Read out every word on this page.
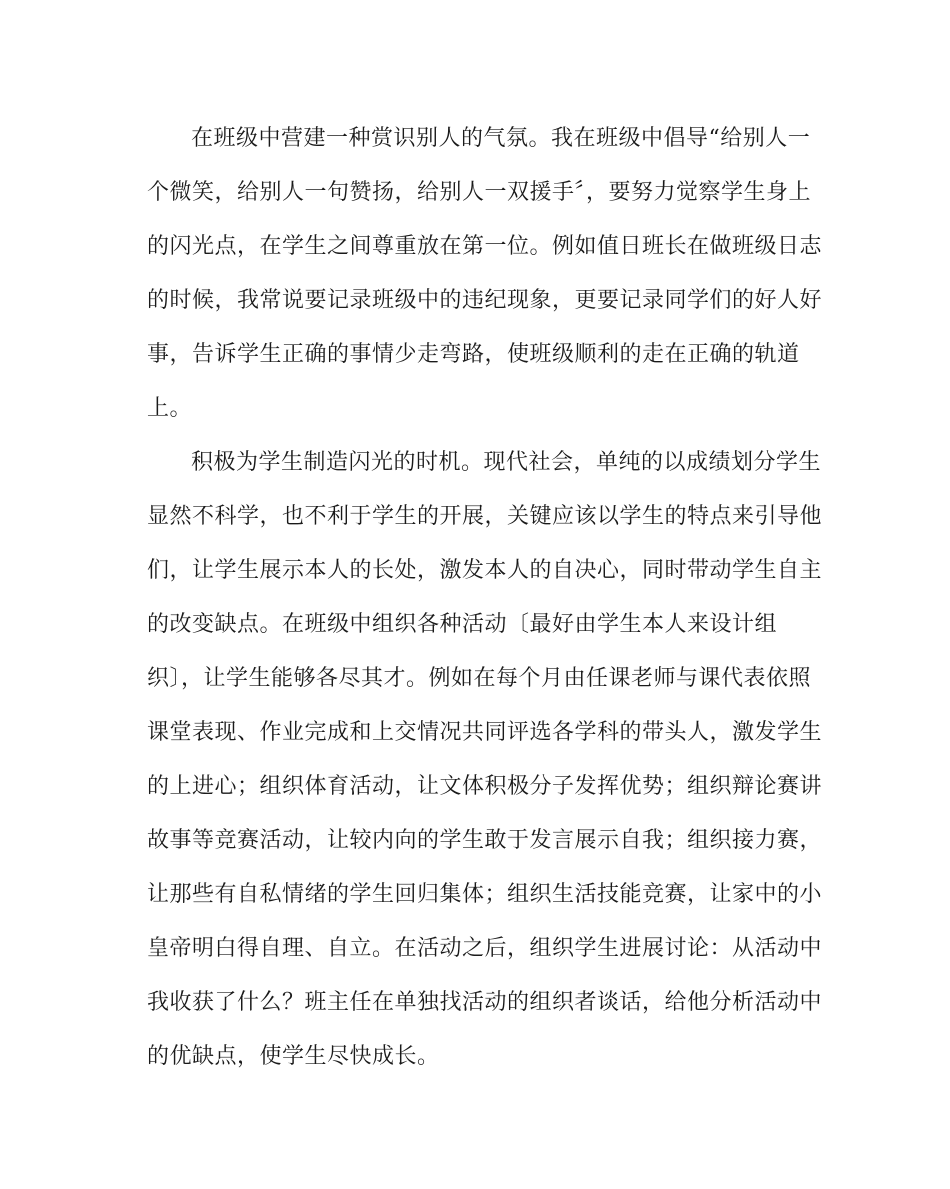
在班级中营建一种赏识别人的气氛。我在班级中倡导“给别人一
个微笑，给别人一句赞扬，给别人一双援手〞，要努力觉察学生身上
的闪光点，在学生之间尊重放在第一位。例如值日班长在做班级日志
的时候，我常说要记录班级中的违纪现象，更要记录同学们的好人好
事，告诉学生正确的事情少走弯路，使班级顺利的走在正确的轨道
上。
积极为学生制造闪光的时机。现代社会，单纯的以成绩划分学生
显然不科学，也不利于学生的开展，关键应该以学生的特点来引导他
们，让学生展示本人的长处，激发本人的自决心，同时带动学生自主
的改变缺点。在班级中组织各种活动〔最好由学生本人来设计组
织〕，让学生能够各尽其才。例如在每个月由任课老师与课代表依照
课堂表现、作业完成和上交情况共同评选各学科的带头人，激发学生
的上进心；组织体育活动，让文体积极分子发挥优势；组织辩论赛讲
故事等竞赛活动，让较内向的学生敢于发言展示自我；组织接力赛，
让那些有自私情绪的学生回归集体；组织生活技能竞赛，让家中的小
皇帝明白得自理、自立。在活动之后，组织学生进展讨论：从活动中
我收获了什么？班主任在单独找活动的组织者谈话，给他分析活动中
的优缺点，使学生尽快成长。
